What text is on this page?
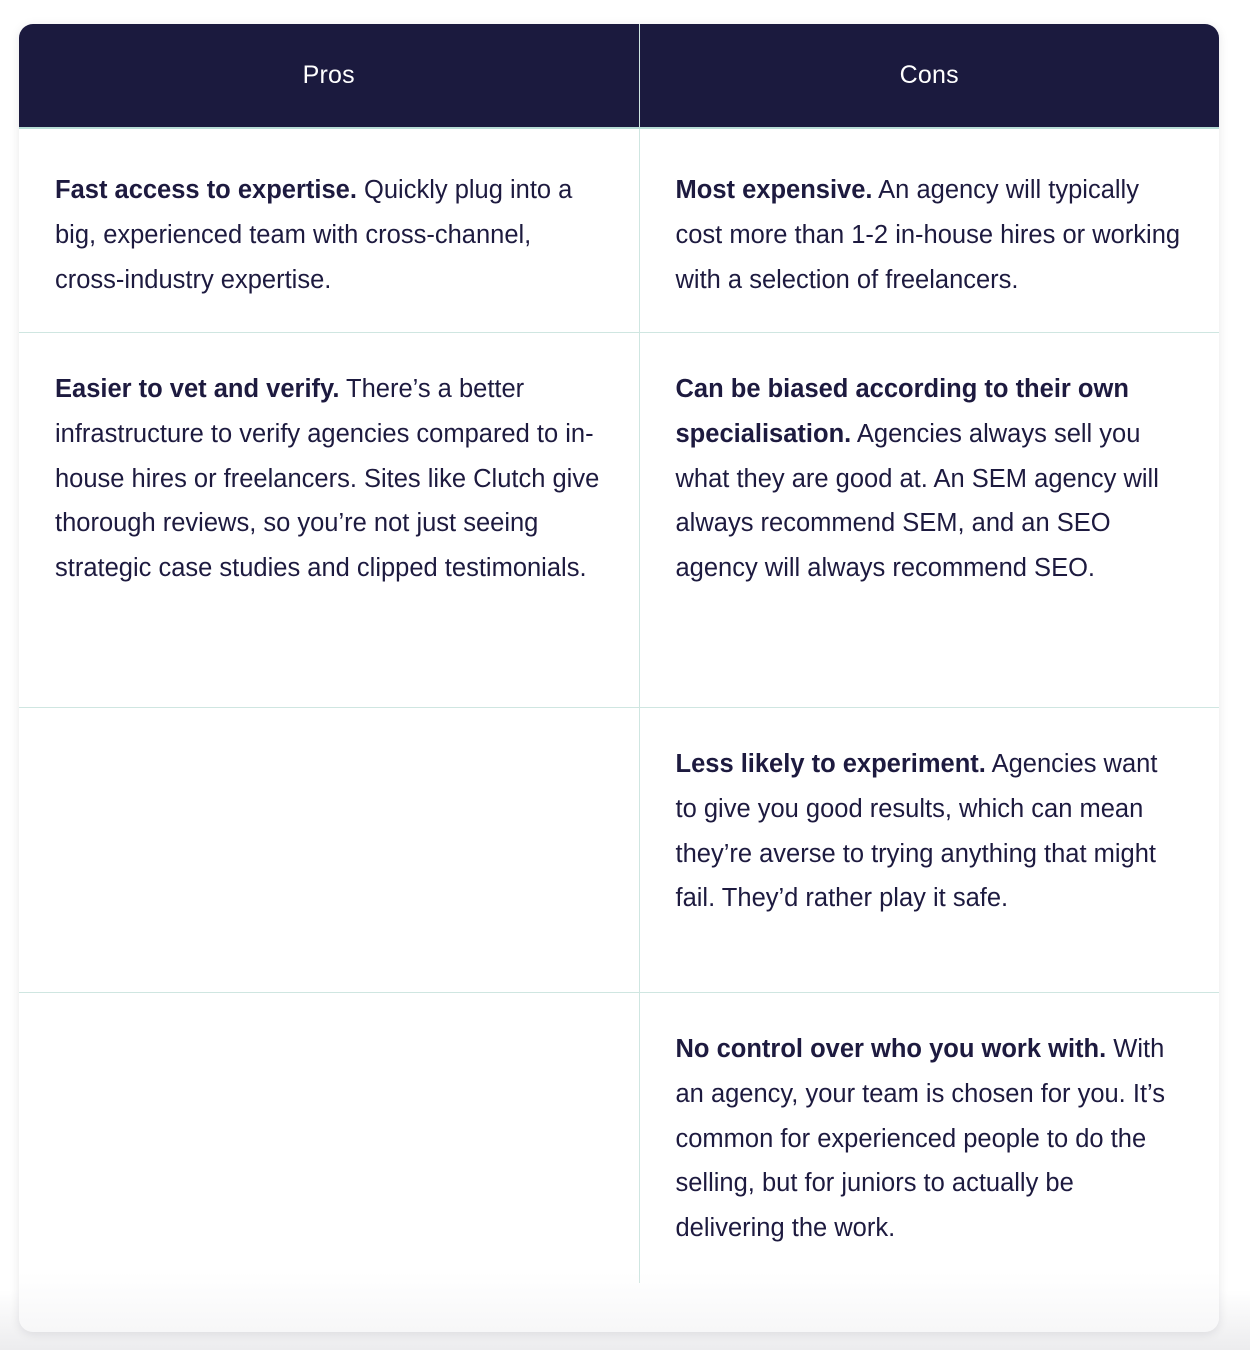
Pros	Cons
Fast access to expertise. Quickly plug into a big, experienced team with cross-channel, cross-industry expertise.	Most expensive. An agency will typically cost more than 1-2 in-house hires or working with a selection of freelancers.
Easier to vet and verify. There’s a better infrastructure to verify agencies compared to in-house hires or freelancers. Sites like Clutch give thorough reviews, so you’re not just seeing strategic case studies and clipped testimonials.	Can be biased according to their own specialisation. Agencies always sell you what they are good at. An SEM agency will always recommend SEM, and an SEO agency will always recommend SEO.
	Less likely to experiment. Agencies want to give you good results, which can mean they’re averse to trying anything that might fail. They’d rather play it safe.
	No control over who you work with. With an agency, your team is chosen for you. It’s common for experienced people to do the selling, but for juniors to actually be delivering the work.
